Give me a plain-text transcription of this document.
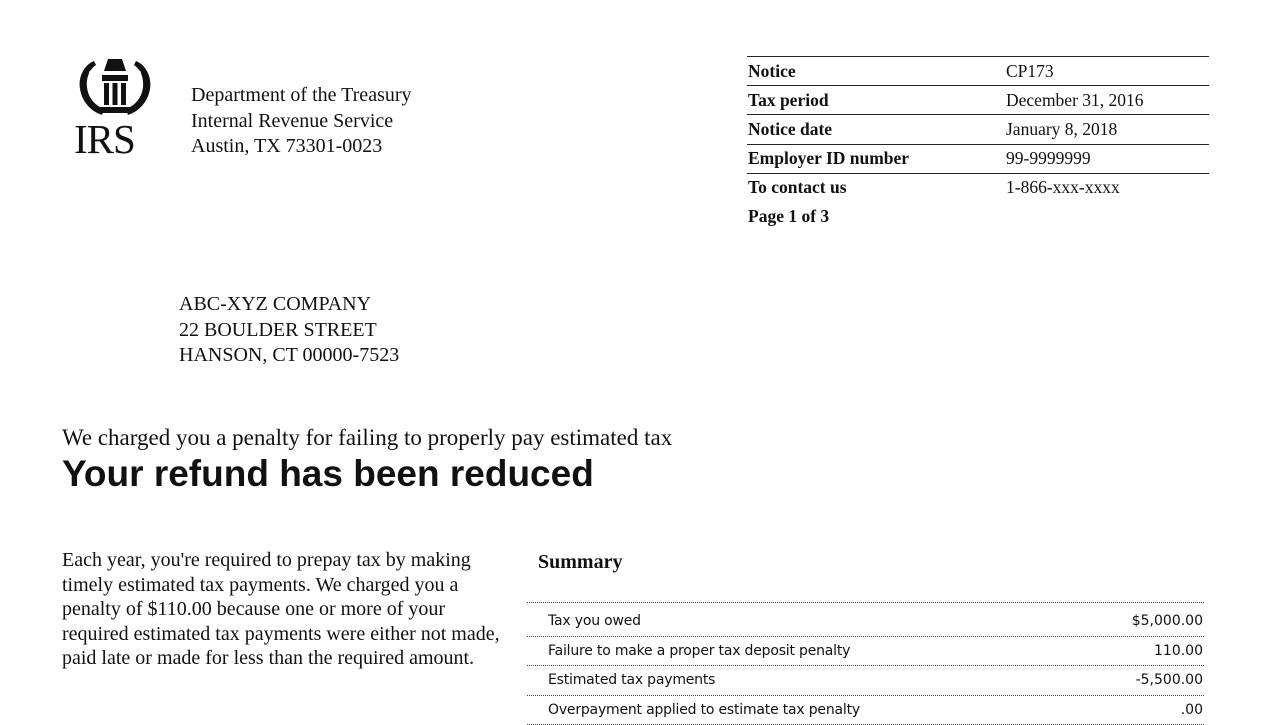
IRS
Department of the Treasury
Internal Revenue Service
Austin, TX 73301-0023
Notice	CP173
Tax period	December 31, 2016
Notice date	January 8, 2018
Employer ID number	99-9999999
To contact us	1-866-xxx-xxxx
Page 1 of 3
ABC-XYZ COMPANY
22 BOULDER STREET
HANSON, CT 00000-7523
We charged you a penalty for failing to properly pay estimated tax
Your refund has been reduced
Each year, you're required to prepay tax by making timely estimated tax payments. We charged you a penalty of $110.00 because one or more of your required estimated tax payments were either not made, paid late or made for less than the required amount.
Summary
Tax you owed	$5,000.00
Failure to make a proper tax deposit penalty	110.00
Estimated tax payments	-5,500.00
Overpayment applied to estimate tax penalty	.00
